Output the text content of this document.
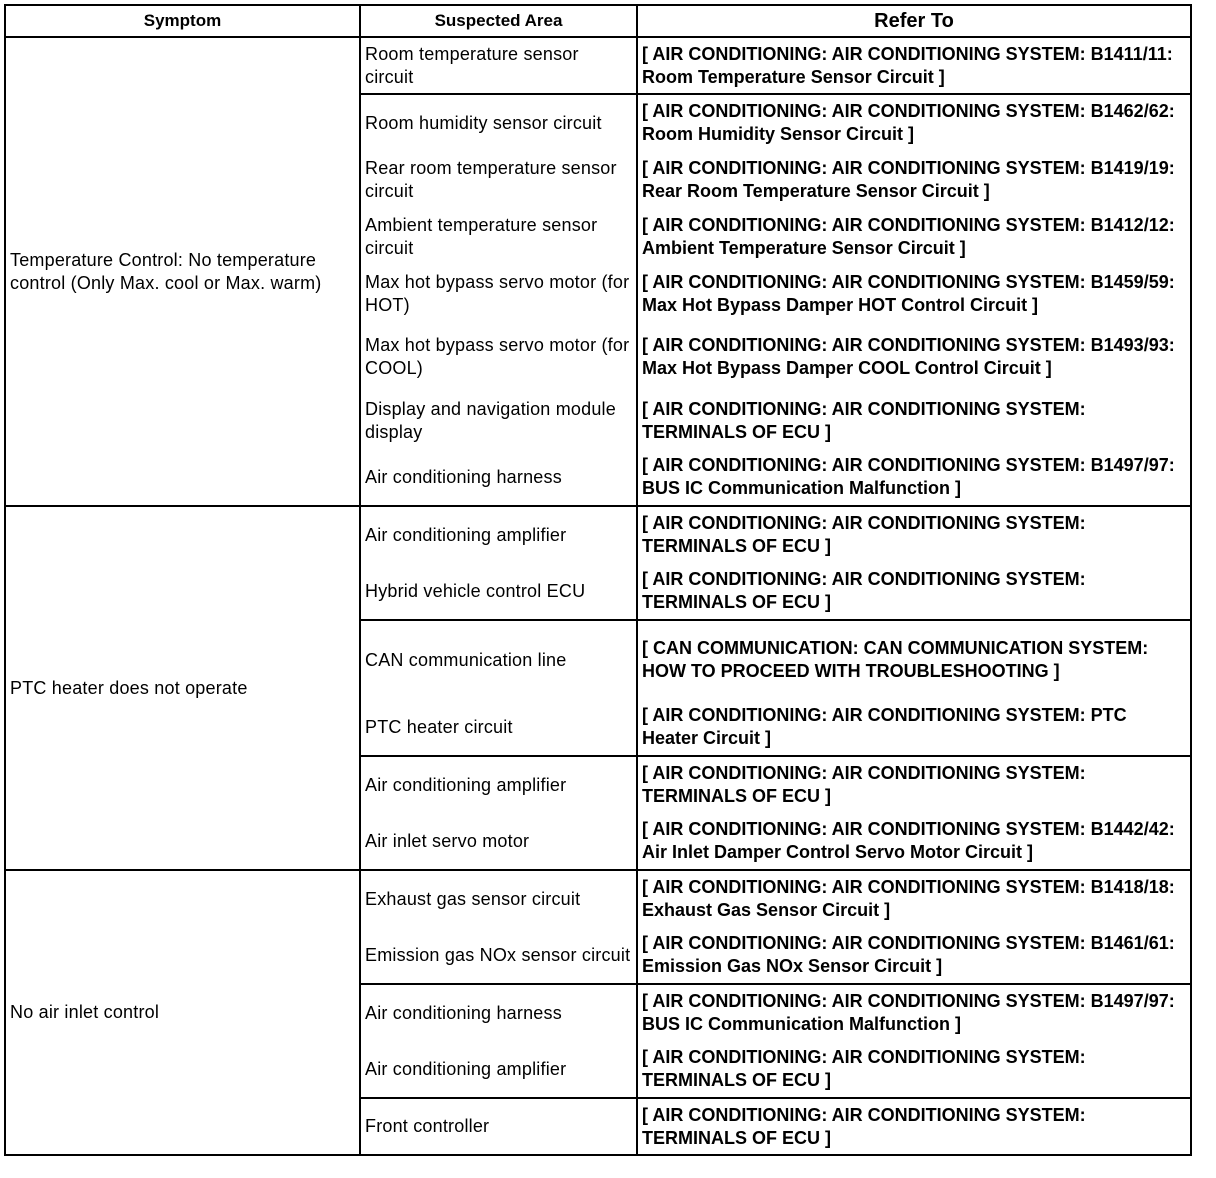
Symptom	Suspected Area	Refer To
Temperature Control: No temperature control (Only Max. cool or Max. warm)	Room temperature sensor circuit	[ AIR CONDITIONING: AIR CONDITIONING SYSTEM: B1411/11: Room Temperature Sensor Circuit ]
	Room humidity sensor circuit	[ AIR CONDITIONING: AIR CONDITIONING SYSTEM: B1462/62: Room Humidity Sensor Circuit ]
	Rear room temperature sensor circuit	[ AIR CONDITIONING: AIR CONDITIONING SYSTEM: B1419/19: Rear Room Temperature Sensor Circuit ]
	Ambient temperature sensor circuit	[ AIR CONDITIONING: AIR CONDITIONING SYSTEM: B1412/12: Ambient Temperature Sensor Circuit ]
	Max hot bypass servo motor (for HOT)	[ AIR CONDITIONING: AIR CONDITIONING SYSTEM: B1459/59: Max Hot Bypass Damper HOT Control Circuit ]
	Max hot bypass servo motor (for COOL)	[ AIR CONDITIONING: AIR CONDITIONING SYSTEM: B1493/93: Max Hot Bypass Damper COOL Control Circuit ]
	Display and navigation module display	[ AIR CONDITIONING: AIR CONDITIONING SYSTEM: TERMINALS OF ECU ]
	Air conditioning harness	[ AIR CONDITIONING: AIR CONDITIONING SYSTEM: B1497/97: BUS IC Communication Malfunction ]
PTC heater does not operate	Air conditioning amplifier	[ AIR CONDITIONING: AIR CONDITIONING SYSTEM: TERMINALS OF ECU ]
	Hybrid vehicle control ECU	[ AIR CONDITIONING: AIR CONDITIONING SYSTEM: TERMINALS OF ECU ]
	CAN communication line	[ CAN COMMUNICATION: CAN COMMUNICATION SYSTEM: HOW TO PROCEED WITH TROUBLESHOOTING ]
	PTC heater circuit	[ AIR CONDITIONING: AIR CONDITIONING SYSTEM: PTC Heater Circuit ]
	Air conditioning amplifier	[ AIR CONDITIONING: AIR CONDITIONING SYSTEM: TERMINALS OF ECU ]
	Air inlet servo motor	[ AIR CONDITIONING: AIR CONDITIONING SYSTEM: B1442/42: Air Inlet Damper Control Servo Motor Circuit ]
No air inlet control	Exhaust gas sensor circuit	[ AIR CONDITIONING: AIR CONDITIONING SYSTEM: B1418/18: Exhaust Gas Sensor Circuit ]
	Emission gas NOx sensor circuit	[ AIR CONDITIONING: AIR CONDITIONING SYSTEM: B1461/61: Emission Gas NOx Sensor Circuit ]
	Air conditioning harness	[ AIR CONDITIONING: AIR CONDITIONING SYSTEM: B1497/97: BUS IC Communication Malfunction ]
	Air conditioning amplifier	[ AIR CONDITIONING: AIR CONDITIONING SYSTEM: TERMINALS OF ECU ]
	Front controller	[ AIR CONDITIONING: AIR CONDITIONING SYSTEM: TERMINALS OF ECU ]
